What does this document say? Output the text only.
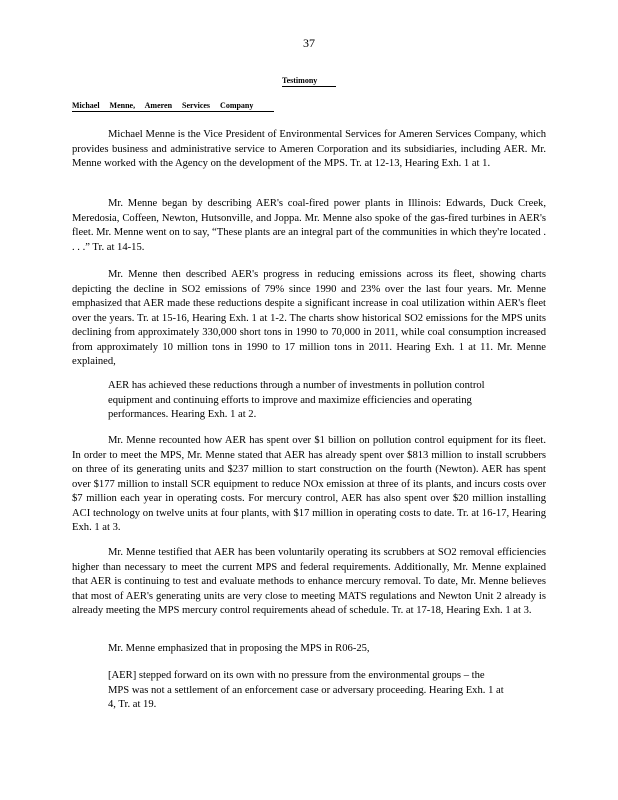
37
Testimony
Michael Menne, Ameren Services Company

Michael Menne is the Vice President of Environmental Services for Ameren Services Company, which provides business and administrative service to Ameren Corporation and its subsidiaries, including AER. Mr. Menne worked with the Agency on the development of the MPS. Tr. at 12-13, Hearing Exh. 1 at 1.

Mr. Menne began by describing AER's coal-fired power plants in Illinois: Edwards, Duck Creek, Meredosia, Coffeen, Newton, Hutsonville, and Joppa. Mr. Menne also spoke of the gas-fired turbines in AER's fleet. Mr. Menne went on to say, “These plants are an integral part of the communities in which they're located . . . .” Tr. at 14-15.

Mr. Menne then described AER's progress in reducing emissions across its fleet, showing charts depicting the decline in SO2 emissions of 79% since 1990 and 23% over the last four years. Mr. Menne emphasized that AER made these reductions despite a significant increase in coal utilization within AER's fleet over the years. Tr. at 15-16, Hearing Exh. 1 at 1-2. The charts show historical SO2 emissions for the MPS units declining from approximately 330,000 short tons in 1990 to 70,000 in 2011, while coal consumption increased from approximately 10 million tons in 1990 to 17 million tons in 2011. Hearing Exh. 1 at 11. Mr. Menne explained,

AER has achieved these reductions through a number of investments in pollution control equipment and continuing efforts to improve and maximize efficiencies and operating performances. Hearing Exh. 1 at 2.

Mr. Menne recounted how AER has spent over $1 billion on pollution control equipment for its fleet. In order to meet the MPS, Mr. Menne stated that AER has already spent over $813 million to install scrubbers on three of its generating units and $237 million to start construction on the fourth (Newton). AER has spent over $177 million to install SCR equipment to reduce NOx emission at three of its plants, and incurs costs over $7 million each year in operating costs. For mercury control, AER has also spent over $20 million installing ACI technology on twelve units at four plants, with $17 million in operating costs to date. Tr. at 16-17, Hearing Exh. 1 at 3.

Mr. Menne testified that AER has been voluntarily operating its scrubbers at SO2 removal efficiencies higher than necessary to meet the current MPS and federal requirements. Additionally, Mr. Menne explained that AER is continuing to test and evaluate methods to enhance mercury removal. To date, Mr. Menne believes that most of AER's generating units are very close to meeting MATS regulations and Newton Unit 2 already is already meeting the MPS mercury control requirements ahead of schedule. Tr. at 17-18, Hearing Exh. 1 at 3.

Mr. Menne emphasized that in proposing the MPS in R06-25,

[AER] stepped forward on its own with no pressure from the environmental groups – the MPS was not a settlement of an enforcement case or adversary proceeding. Hearing Exh. 1 at 4, Tr. at 19.
